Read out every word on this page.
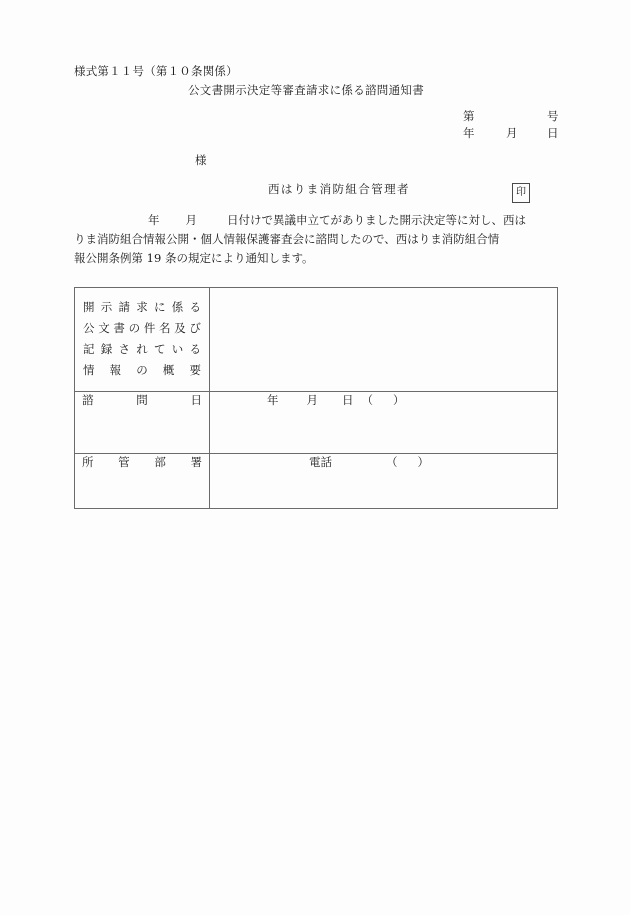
様式第１１号（第１０条関係）
公文書開示決定等審査請求に係る諮問通知書
第	号
年	月	日
様
西はりま消防組合管理者	印
年 月	日付けで異議申立てがありました開示決定等に対し、西は
りま消防組合情報公開・個人情報保護審査会に諮問したので、西はりま消防組合情
報公開条例第 19 条の規定により通知します。
開 示 請 求 に 係 る
公 文 書 の 件 名 及 び
記 録 さ れ て い る
情 報 の 概 要

諮 問 日	年 月 日 （ ）

所 管 部 署	電話 （ ）
